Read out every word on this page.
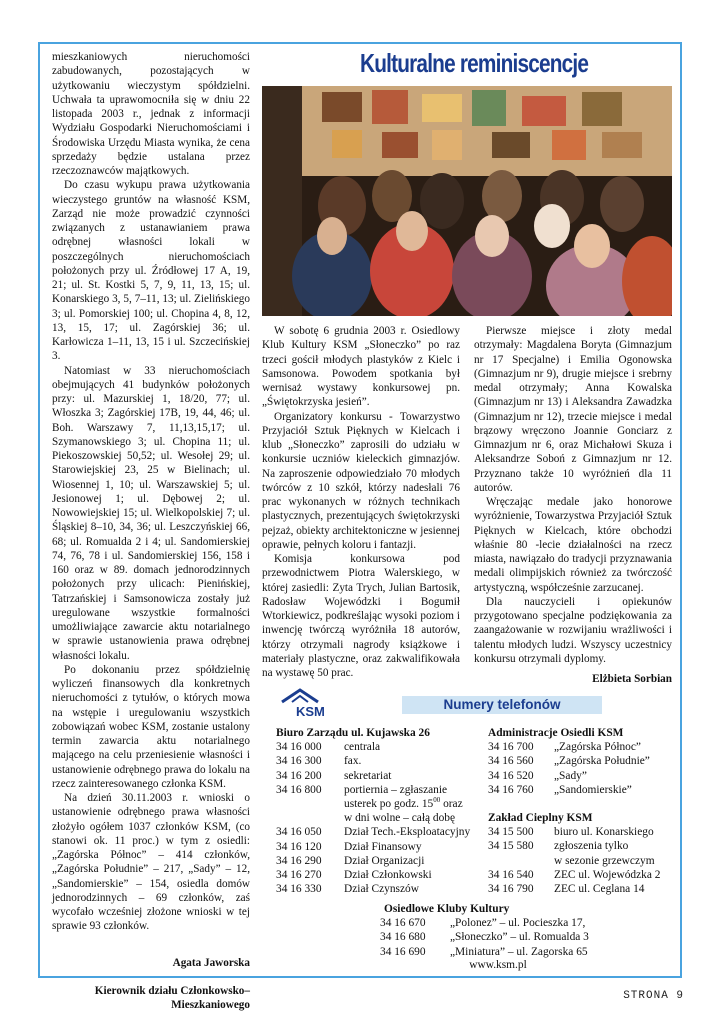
mieszkaniowych nieruchomości zabudowanych, pozostających w użytkowaniu wieczystym spółdzielni. Uchwała ta uprawomocniła się w dniu 22 listopada 2003 r., jednak z informacji Wydziału Gospodarki Nieruchomościami i Środowiska Urzędu Miasta wynika, że cena sprzedaży będzie ustalana przez rzeczoznawców majątkowych.

Do czasu wykupu prawa użytkowania wieczystego gruntów na własność KSM, Zarząd nie może prowadzić czynności związanych z ustanawianiem prawa odrębnej własności lokali w poszczególnych nieruchomościach położonych przy ul. Źródłowej 17 A, 19, 21; ul. St. Kostki 5, 7, 9, 11, 13, 15; ul. Konarskiego 3, 5, 7–11, 13; ul. Zielińskiego 3; ul. Pomorskiej 100; ul. Chopina 4, 8, 12, 13, 15, 17; ul. Zagórskiej 36; ul. Karłowicza 1–11, 13, 15 i ul. Szczecińskiej 3.

Natomiast w 33 nieruchomościach obejmujących 41 budynków położonych przy: ul. Mazurskiej 1, 18/20, 77; ul. Włoszka 3; Zagórskiej 17B, 19, 44, 46; ul. Boh. Warszawy 7, 11,13,15,17; ul. Szymanowskiego 3; ul. Chopina 11; ul. Piekoszowskiej 50,52; ul. Wesołej 29; ul. Starowiejskiej 23, 25 w Bielinach; ul. Wiosennej 1, 10; ul. Warszawskiej 5; ul. Jesionowej 1; ul. Dębowej 2; ul. Nowowiejskiej 15; ul. Wielkopolskiej 7; ul. Śląskiej 8–10, 34, 36; ul. Leszczyńskiej 66, 68; ul. Romualda 2 i 4; ul. Sandomierskiej 74, 76, 78 i ul. Sandomierskiej 156, 158 i 160 oraz w 89. domach jednorodzinnych położonych przy ulicach: Pienińskiej, Tatrzańskiej i Samsonowicza zostały już uregulowane wszystkie formalności umożliwiające zawarcie aktu notarialnego w sprawie ustanowienia prawa odrębnej własności lokalu.

Po dokonaniu przez spółdzielnię wyliczeń finansowych dla konkretnych nieruchomości z tytułów, o których mowa na wstępie i uregulowaniu wszystkich zobowiązań wobec KSM, zostanie ustalony termin zawarcia aktu notarialnego mającego na celu przeniesienie własności i ustanowienie odrębnego prawa do lokalu na rzecz zainteresowanego członka KSM.

Na dzień 30.11.2003 r. wnioski o ustanowienie odrębnego prawa własności złożyło ogółem 1037 członków KSM, (co stanowi ok. 11 proc.) w tym z osiedli: „Zagórska Północ” – 414 członków, „Zagórska Południe” – 217, „Sady” – 12, „Sandomierskie” – 154, osiedla domów jednorodzinnych – 69 członków, zaś wycofało wcześniej złożone wnioski w tej sprawie 93 członków.

Agata Jaworska

Kierownik działu Członkowsko–Mieszkaniowego

Kulturalne reminiscencje

W sobotę 6 grudnia 2003 r. Osiedlowy Klub Kultury KSM „Słoneczko” po raz trzeci gościł młodych plastyków z Kielc i Samsonowa. Powodem spotkania był wernisaż wystawy konkursowej pn. „Świętokrzyska jesień”.

Organizatory konkursu - Towarzystwo Przyjaciół Sztuk Pięknych w Kielcach i klub „Słoneczko” zaprosili do udziału w konkursie uczniów kieleckich gimnazjów. Na zaproszenie odpowiedziało 70 młodych twórców z 10 szkół, którzy nadesłali 76 prac wykonanych w różnych technikach plastycznych, prezentujących świętokrzyski pejzaż, obiekty architektoniczne w jesiennej oprawie, pełnych koloru i fantazji.

Komisja konkursowa pod przewodnictwem Piotra Walerskiego, w której zasiedli: Zyta Trych, Julian Bartosik, Radosław Wojewódzki i Bogumił Wtorkiewicz, podkreślając wysoki poziom i inwencję twórczą wyróżniła 18 autorów, którzy otrzymali nagrody książkowe i materiały plastyczne, oraz zakwalifikowała na wystawę 50 prac.

Pierwsze miejsce i złoty medal otrzymały: Magdalena Boryta (Gimnazjum nr 17 Specjalne) i Emilia Ogonowska (Gimnazjum nr 9), drugie miejsce i srebrny medal otrzymały; Anna Kowalska (Gimnazjum nr 13) i Aleksandra Zawadzka (Gimnazjum nr 12), trzecie miejsce i medal brązowy wręczono Joannie Gonciarz z Gimnazjum nr 6, oraz Michałowi Skuza i Aleksandrze Soboń z Gimnazjum nr 12. Przyznano także 10 wyróżnień dla 11 autorów.

Wręczając medale jako honorowe wyróżnienie, Towarzystwa Przyjaciół Sztuk Pięknych w Kielcach, które obchodzi właśnie 80 -lecie działalności na rzecz miasta, nawiązało do tradycji przyznawania medali olimpijskich również za twórczość artystyczną, współcześnie zarzucanej.

Dla nauczycieli i opiekunów przygotowano specjalne podziękowania za zaangażowanie w rozwijaniu wrażliwości i talentu młodych ludzi. Wszyscy uczestnicy konkursu otrzymali dyplomy.

Elżbieta Sorbian
KSM	Numery telefonów
Biuro Zarządu ul. Kujawska 26
34 16 000	centrala
34 16 300	fax.
34 16 200	sekretariat
34 16 800	portiernia – zgłaszanie
usterek po godz. $15^{00}$ oraz
w dni wolne – całą dobę
34 16 050	Dział Tech.-Eksploatacyjny
34 16 120	Dział Finansowy
34 16 290	Dział Organizacji
34 16 270	Dział Członkowski
34 16 330	Dział Czynszów
Administracje Osiedli KSM
34 16 700	„Zagórska Północ”
34 16 560	„Zagórska Południe”
34 16 520	„Sady”
34 16 760	„Sandomierskie”
Zakład Cieplny KSM
34 15 500	biuro ul. Konarskiego
34 15 580	zgłoszenia tylko
w sezonie grzewczym
34 16 540	ZEC ul. Wojewódzka 2
34 16 790	ZEC ul. Ceglana 14
Osiedlowe Kluby Kultury
34 16 670	„Polonez” – ul. Pocieszka 17,
34 16 680	„Słoneczko” – ul. Romualda 3
34 16 690	„Miniatura” – ul. Zagorska 65
www.ksm.pl
STRONA 9
